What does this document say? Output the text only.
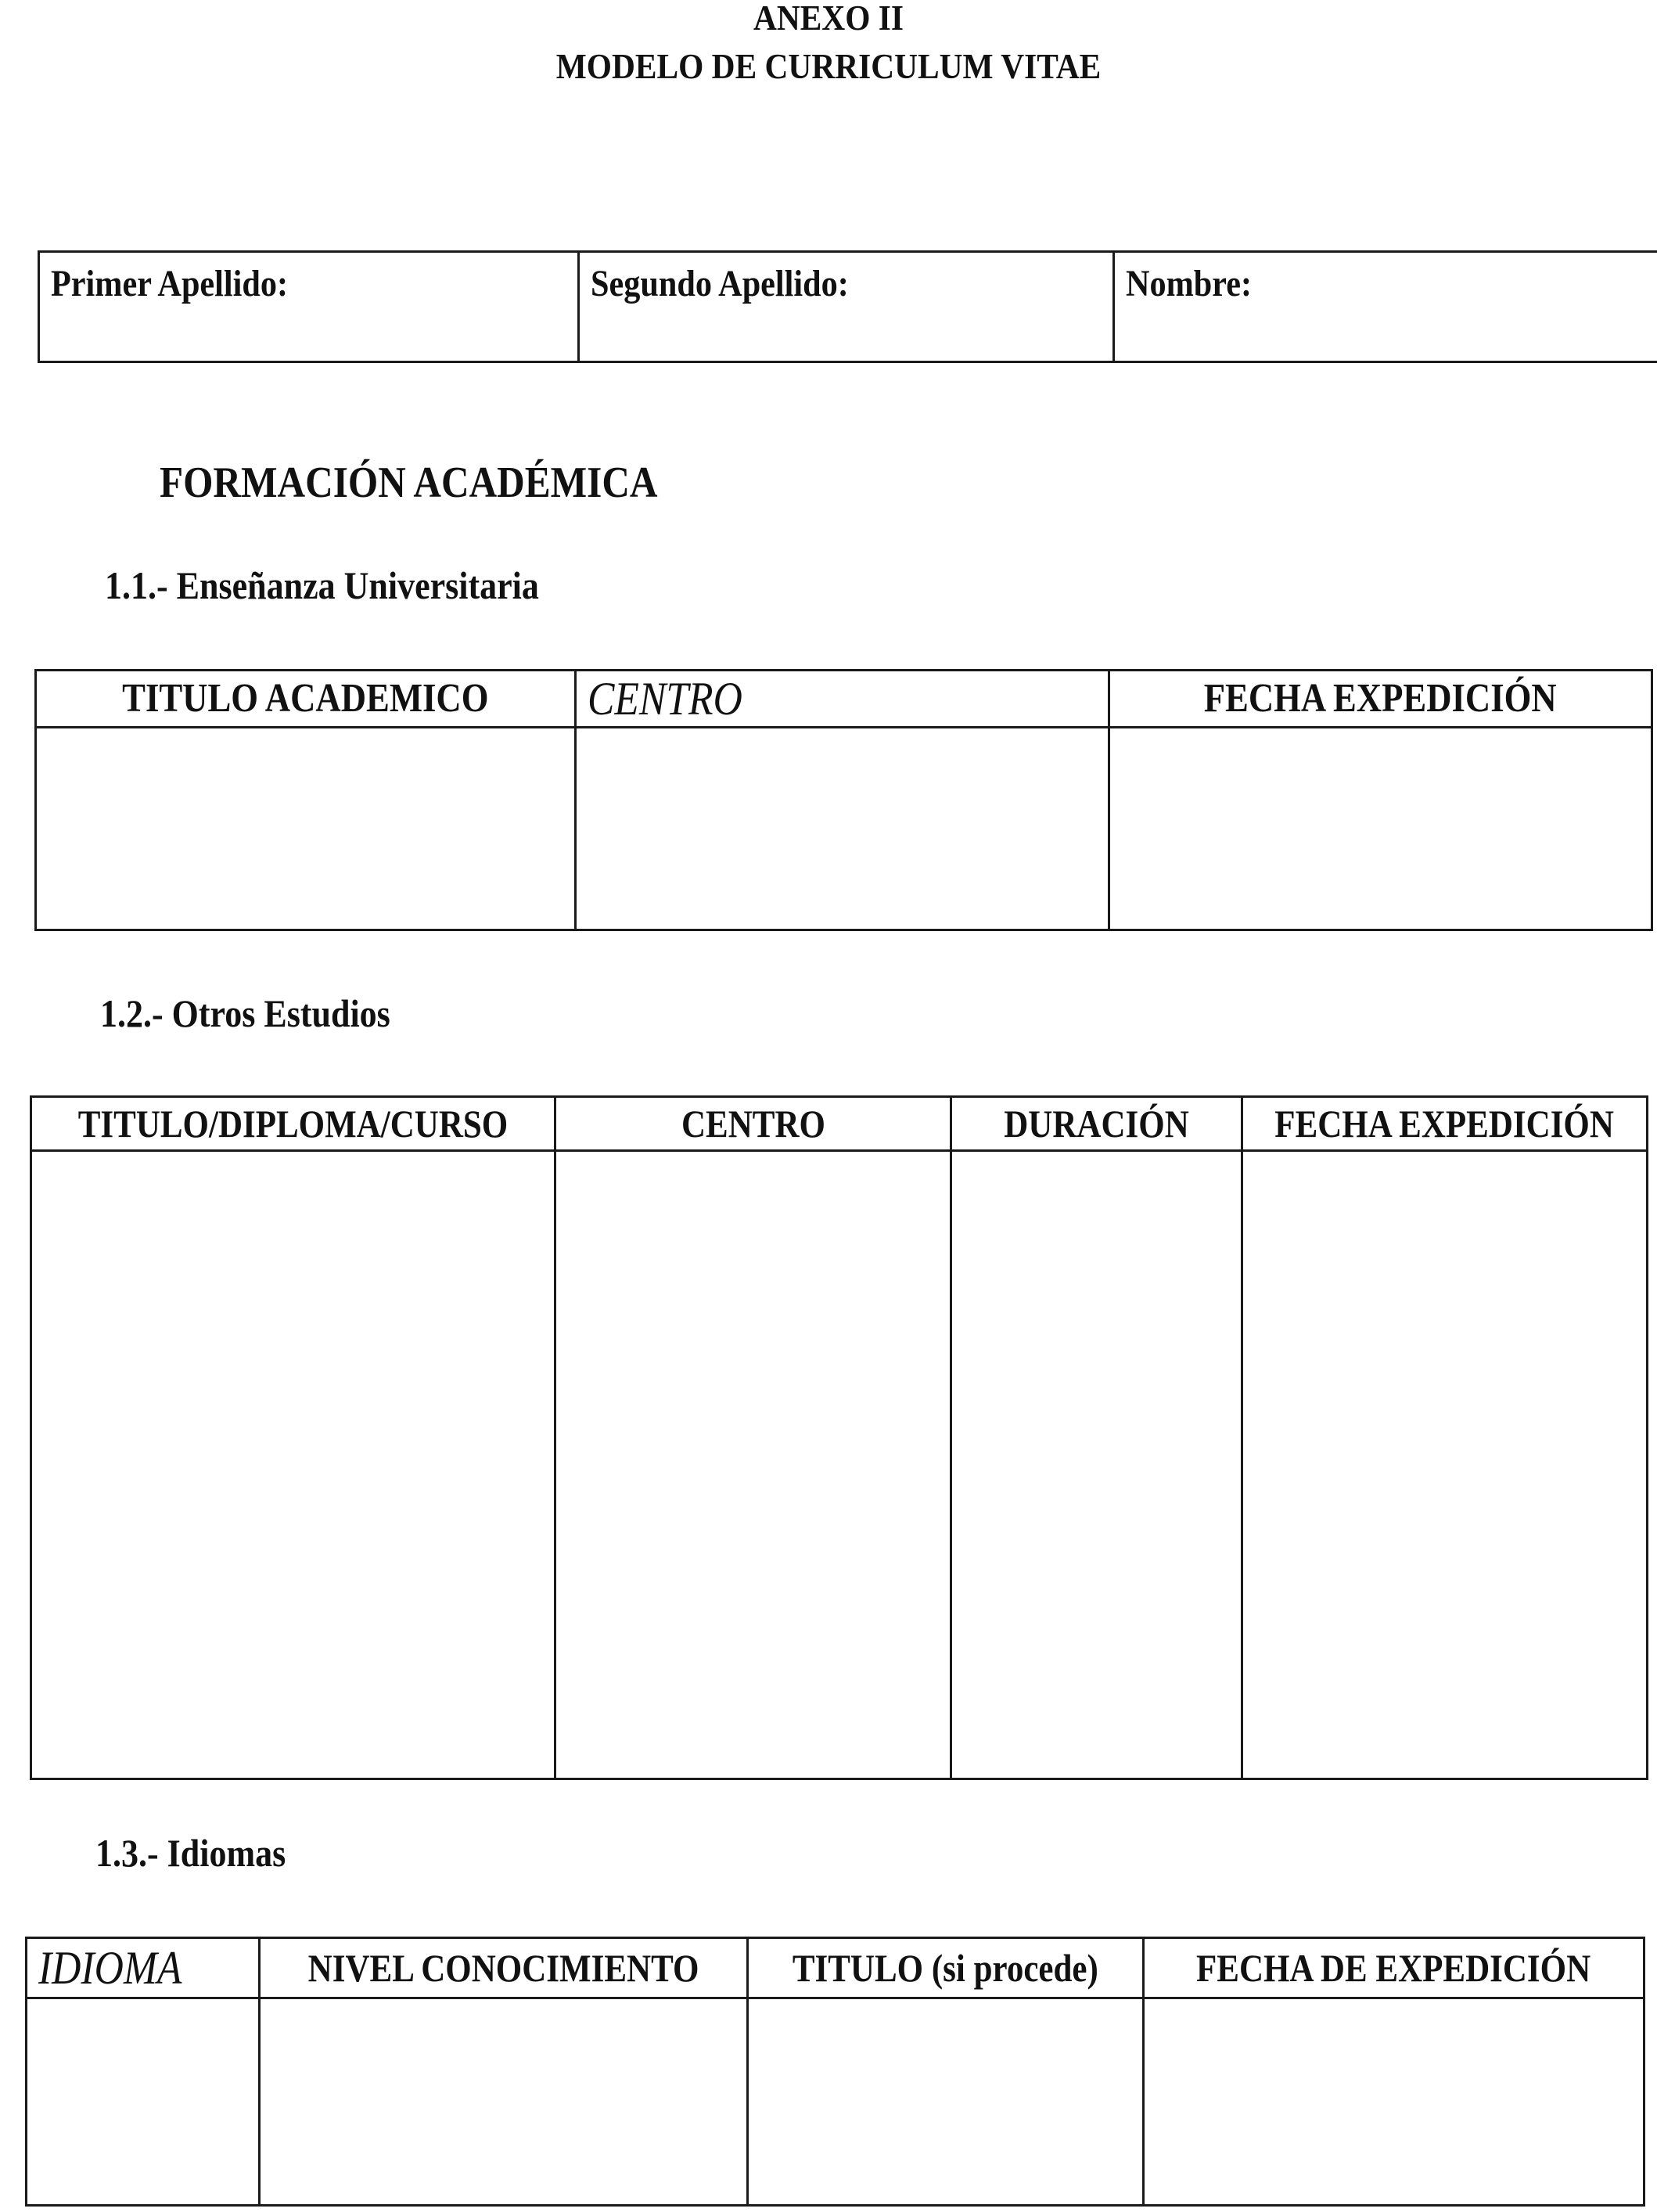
ANEXO II
MODELO DE CURRICULUM VITAE
Primer Apellido:	Segundo Apellido:	Nombre:
FORMACIÓN ACADÉMICA
1.1.- Enseñanza Universitaria
TITULO ACADEMICO	CENTRO	FECHA EXPEDICIÓN

1.2.- Otros Estudios
TITULO/DIPLOMA/CURSO	CENTRO	DURACIÓN	FECHA EXPEDICIÓN

1.3.- Idiomas
IDIOMA	NIVEL CONOCIMIENTO	TITULO (si procede)	FECHA DE EXPEDICIÓN
